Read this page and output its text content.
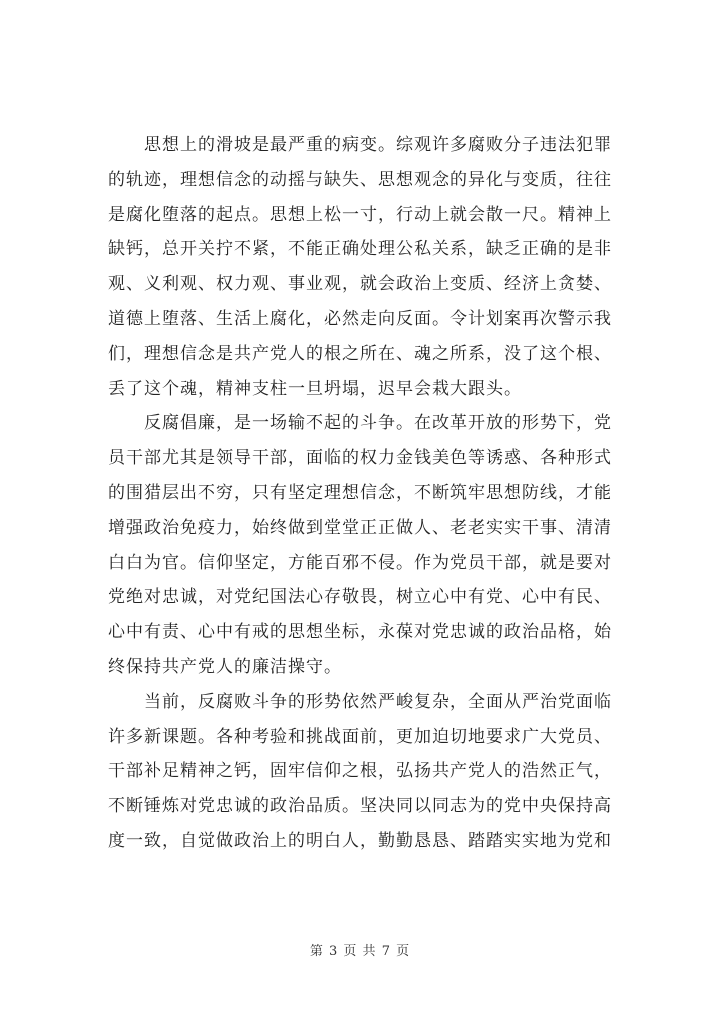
思想上的滑坡是最严重的病变。综观许多腐败分子违法犯罪
的轨迹，理想信念的动摇与缺失、思想观念的异化与变质，往往
是腐化堕落的起点。思想上松一寸，行动上就会散一尺。精神上
缺钙，总开关拧不紧，不能正确处理公私关系，缺乏正确的是非
观、义利观、权力观、事业观，就会政治上变质、经济上贪婪、
道德上堕落、生活上腐化，必然走向反面。令计划案再次警示我
们，理想信念是共产党人的根之所在、魂之所系，没了这个根、
丢了这个魂，精神支柱一旦坍塌，迟早会栽大跟头。
反腐倡廉，是一场输不起的斗争。在改革开放的形势下，党
员干部尤其是领导干部，面临的权力金钱美色等诱惑、各种形式
的围猎层出不穷，只有坚定理想信念，不断筑牢思想防线，才能
增强政治免疫力，始终做到堂堂正正做人、老老实实干事、清清
白白为官。信仰坚定，方能百邪不侵。作为党员干部，就是要对
党绝对忠诚，对党纪国法心存敬畏，树立心中有党、心中有民、
心中有责、心中有戒的思想坐标，永葆对党忠诚的政治品格，始
终保持共产党人的廉洁操守。
当前，反腐败斗争的形势依然严峻复杂，全面从严治党面临
许多新课题。各种考验和挑战面前，更加迫切地要求广大党员、
干部补足精神之钙，固牢信仰之根，弘扬共产党人的浩然正气，
不断锤炼对党忠诚的政治品质。坚决同以同志为的党中央保持高
度一致，自觉做政治上的明白人，勤勤恳恳、踏踏实实地为党和
第 3 页 共 7 页
